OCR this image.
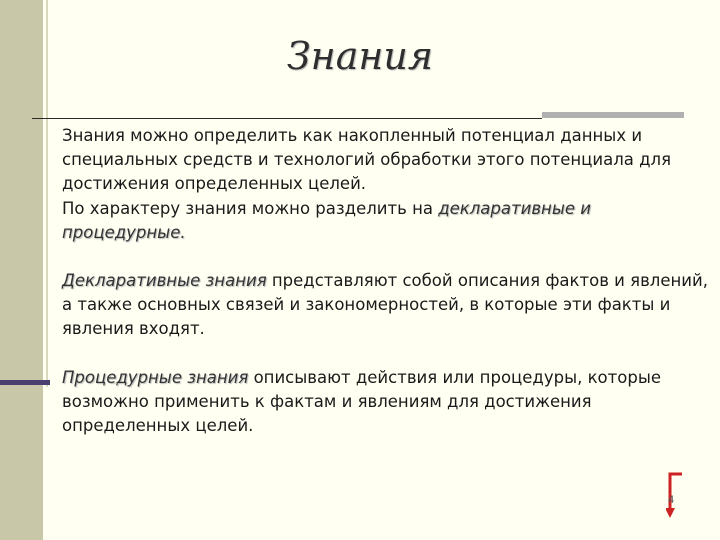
Знания

Знания можно определить как накопленный потенциал данных и специальных средств и технологий обработки этого потенциала для достижения определенных целей.

По характеру знания можно разделить на декларативные и процедурные.

Декларативные знания представляют собой описания фактов и явлений, а также основных связей и закономерностей, в которые эти факты и явления входят.

Процедурные знания описывают действия или процедуры, которые возможно применить к фактам и явлениям для достижения определенных целей.

4
